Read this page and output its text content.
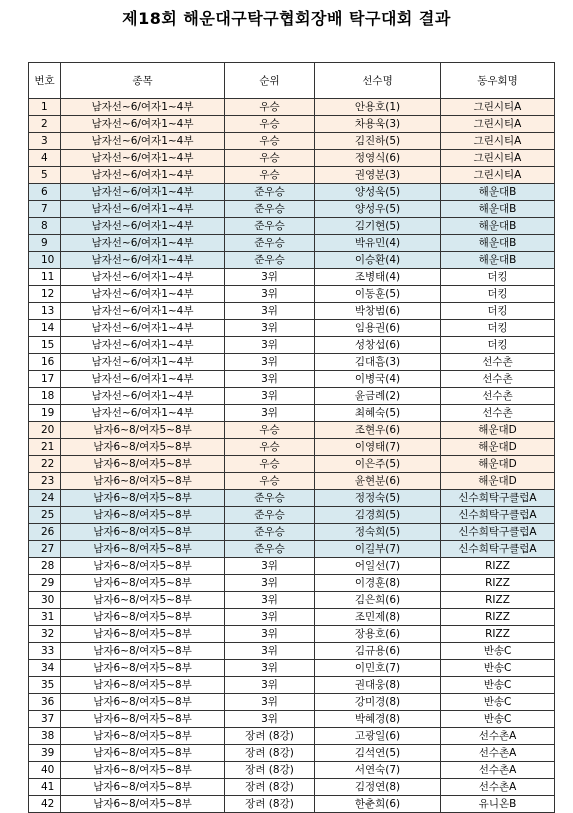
제18회 해운대구탁구협회장배 탁구대회 결과
번호	종목	순위	선수명	동우회명
1	남자선~6/여자1~4부	우승	안용호(1)	그린시티A
2	남자선~6/여자1~4부	우승	차용욱(3)	그린시티A
3	남자선~6/여자1~4부	우승	김진하(5)	그린시티A
4	남자선~6/여자1~4부	우승	정영식(6)	그린시티A
5	남자선~6/여자1~4부	우승	권영분(3)	그린시티A
6	남자선~6/여자1~4부	준우승	양성욱(5)	해운대B
7	남자선~6/여자1~4부	준우승	양성우(5)	해운대B
8	남자선~6/여자1~4부	준우승	김기현(5)	해운대B
9	남자선~6/여자1~4부	준우승	박유민(4)	해운대B
10	남자선~6/여자1~4부	준우승	이승환(4)	해운대B
11	남자선~6/여자1~4부	3위	조병태(4)	더킹
12	남자선~6/여자1~4부	3위	이동훈(5)	더킹
13	남자선~6/여자1~4부	3위	박창범(6)	더킹
14	남자선~6/여자1~4부	3위	임용권(6)	더킹
15	남자선~6/여자1~4부	3위	성창섭(6)	더킹
16	남자선~6/여자1~4부	3위	김대흠(3)	선수촌
17	남자선~6/여자1~4부	3위	이병국(4)	선수촌
18	남자선~6/여자1~4부	3위	윤금례(2)	선수촌
19	남자선~6/여자1~4부	3위	최혜숙(5)	선수촌
20	남자6~8/여자5~8부	우승	조현우(6)	해운대D
21	남자6~8/여자5~8부	우승	이영태(7)	해운대D
22	남자6~8/여자5~8부	우승	이은주(5)	해운대D
23	남자6~8/여자5~8부	우승	윤현분(6)	해운대D
24	남자6~8/여자5~8부	준우승	정정숙(5)	신수희탁구클럽A
25	남자6~8/여자5~8부	준우승	김경희(5)	신수희탁구클럽A
26	남자6~8/여자5~8부	준우승	정숙희(5)	신수희탁구클럽A
27	남자6~8/여자5~8부	준우승	이길부(7)	신수희탁구클럽A
28	남자6~8/여자5~8부	3위	어일선(7)	RIZZ
29	남자6~8/여자5~8부	3위	이경훈(8)	RIZZ
30	남자6~8/여자5~8부	3위	김은희(6)	RIZZ
31	남자6~8/여자5~8부	3위	조민제(8)	RIZZ
32	남자6~8/여자5~8부	3위	장용호(6)	RIZZ
33	남자6~8/여자5~8부	3위	김규용(6)	반송C
34	남자6~8/여자5~8부	3위	이민호(7)	반송C
35	남자6~8/여자5~8부	3위	권대웅(8)	반송C
36	남자6~8/여자5~8부	3위	강미경(8)	반송C
37	남자6~8/여자5~8부	3위	박혜경(8)	반송C
38	남자6~8/여자5~8부	장려 (8강)	고광일(6)	선수촌A
39	남자6~8/여자5~8부	장려 (8강)	김석연(5)	선수촌A
40	남자6~8/여자5~8부	장려 (8강)	서연숙(7)	선수촌A
41	남자6~8/여자5~8부	장려 (8강)	김정연(8)	선수촌A
42	남자6~8/여자5~8부	장려 (8강)	한춘희(6)	유니온B
